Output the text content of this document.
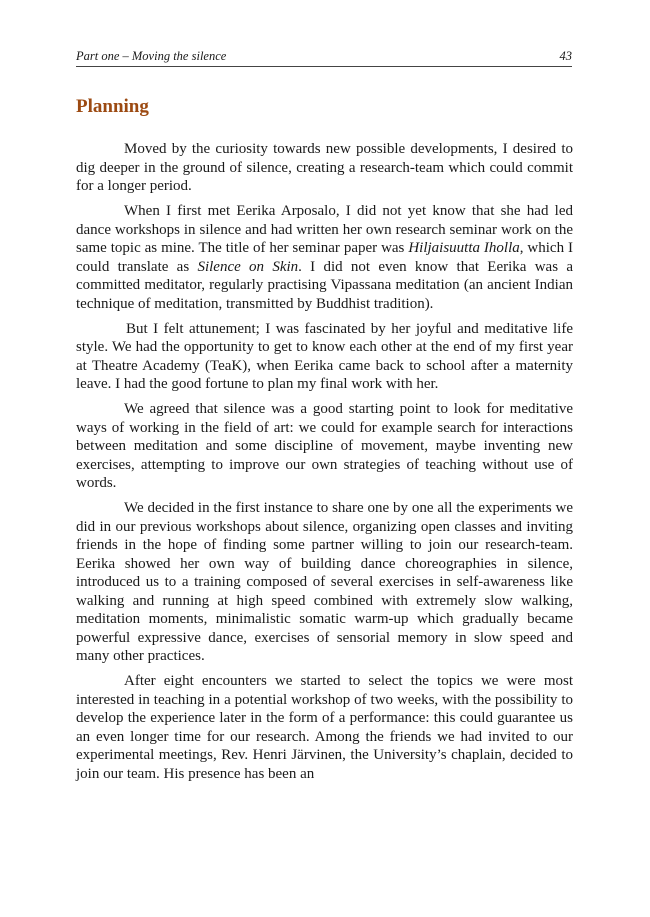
Part one – Moving the silence	43
Planning

Moved by the curiosity towards new possible developments, I desired to dig deeper in the ground of silence, creating a research-team which could commit for a longer period.

When I first met Eerika Arposalo, I did not yet know that she had led dance workshops in silence and had written her own research seminar work on the same topic as mine. The title of her seminar paper was Hiljaisuutta Iholla, which I could translate as Silence on Skin. I did not even know that Eerika was a committed meditator, regularly practising Vipassana meditation (an ancient Indian technique of meditation, transmitted by Buddhist tradition).

But I felt attunement; I was fascinated by her joyful and meditative life style. We had the opportunity to get to know each other at the end of my first year at Theatre Academy (TeaK), when Eerika came back to school after a maternity leave. I had the good fortune to plan my final work with her.

We agreed that silence was a good starting point to look for meditative ways of working in the field of art: we could for example search for interactions between meditation and some discipline of movement, maybe inventing new exercises, attempting to improve our own strategies of teaching without use of words.

We decided in the first instance to share one by one all the experiments we did in our previous workshops about silence, organizing open classes and inviting friends in the hope of finding some partner willing to join our research-team. Eerika showed her own way of building dance choreographies in silence, introduced us to a training composed of several exercises in self-awareness like walking and running at high speed combined with extremely slow walking, meditation moments, minimalistic somatic warm-up which gradually became powerful expressive dance, exercises of sensorial memory in slow speed and many other practices.

After eight encounters we started to select the topics we were most interested in teaching in a potential workshop of two weeks, with the possibility to develop the experience later in the form of a performance: this could guarantee us an even longer time for our research. Among the friends we had invited to our experimental meetings, Rev. Henri Järvinen, the University’s chaplain, decided to join our team. His presence has been an
